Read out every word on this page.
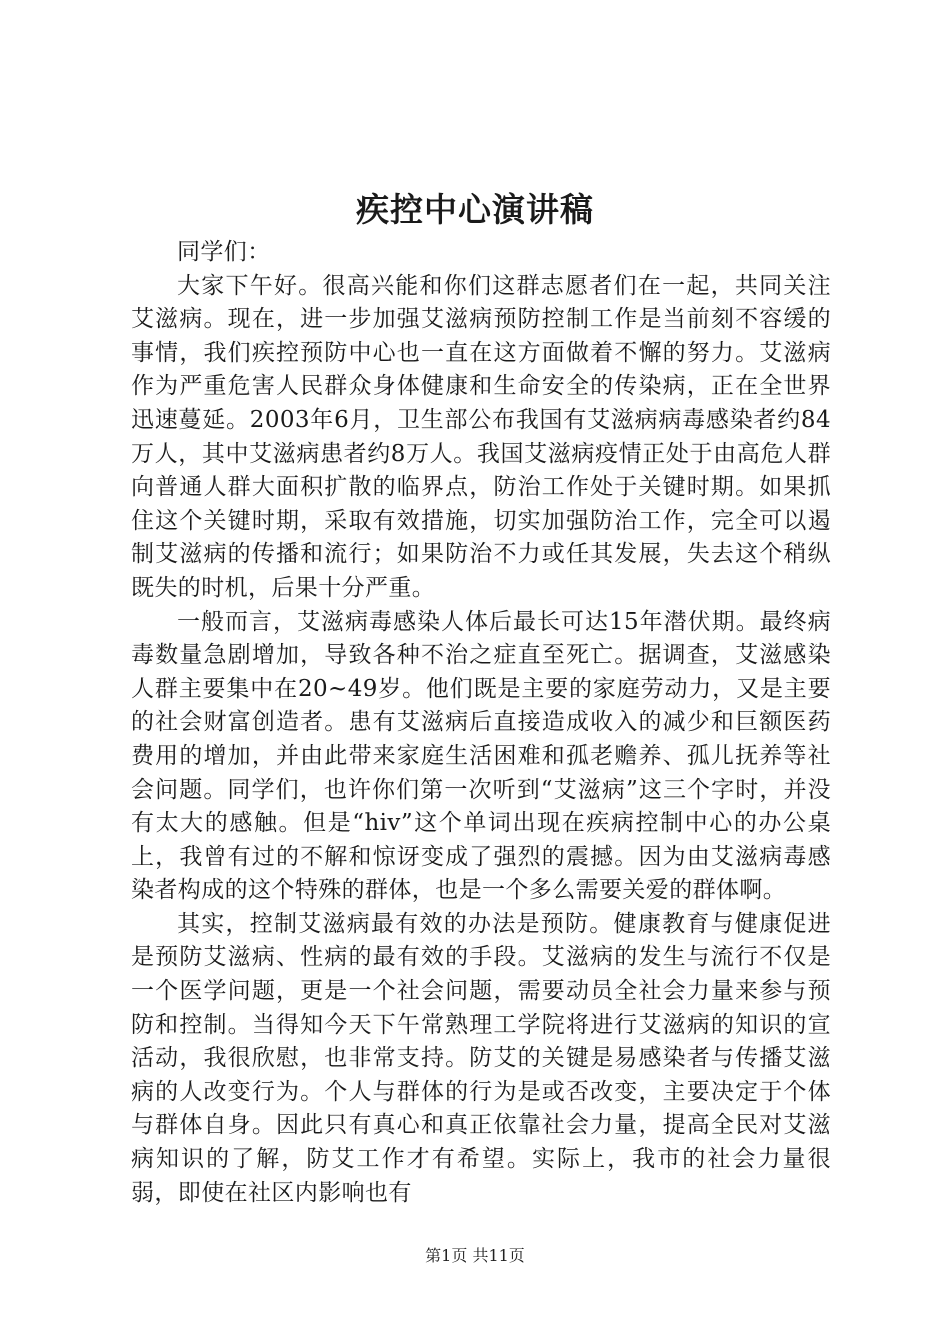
疾控中心演讲稿

同学们：

大家下午好。很高兴能和你们这群志愿者们在一起，共同关注艾滋病。现在，进一步加强艾滋病预防控制工作是当前刻不容缓的事情，我们疾控预防中心也一直在这方面做着不懈的努力。艾滋病作为严重危害人民群众身体健康和生命安全的传染病，正在全世界迅速蔓延。2003年6月，卫生部公布我国有艾滋病病毒感染者约84万人，其中艾滋病患者约8万人。我国艾滋病疫情正处于由高危人群向普通人群大面积扩散的临界点，防治工作处于关键时期。如果抓住这个关键时期，采取有效措施，切实加强防治工作，完全可以遏制艾滋病的传播和流行；如果防治不力或任其发展，失去这个稍纵既失的时机，后果十分严重。

一般而言，艾滋病毒感染人体后最长可达15年潜伏期。最终病毒数量急剧增加，导致各种不治之症直至死亡。据调查，艾滋感染人群主要集中在20~49岁。他们既是主要的家庭劳动力，又是主要的社会财富创造者。患有艾滋病后直接造成收入的减少和巨额医药费用的增加，并由此带来家庭生活困难和孤老赡养、孤儿抚养等社会问题。同学们，也许你们第一次听到“艾滋病”这三个字时，并没有太大的感触。但是“hiv”这个单词出现在疾病控制中心的办公桌上，我曾有过的不解和惊讶变成了强烈的震撼。因为由艾滋病毒感染者构成的这个特殊的群体，也是一个多么需要关爱的群体啊。

其实，控制艾滋病最有效的办法是预防。健康教育与健康促进是预防艾滋病、性病的最有效的手段。艾滋病的发生与流行不仅是一个医学问题，更是一个社会问题，需要动员全社会力量来参与预防和控制。当得知今天下午常熟理工学院将进行艾滋病的知识的宣活动，我很欣慰，也非常支持。防艾的关键是易感染者与传播艾滋病的人改变行为。个人与群体的行为是或否改变，主要决定于个体与群体自身。因此只有真心和真正依靠社会力量，提高全民对艾滋病知识的了解，防艾工作才有希望。实际上，我市的社会力量很弱，即使在社区内影响也有

第1页 共11页
